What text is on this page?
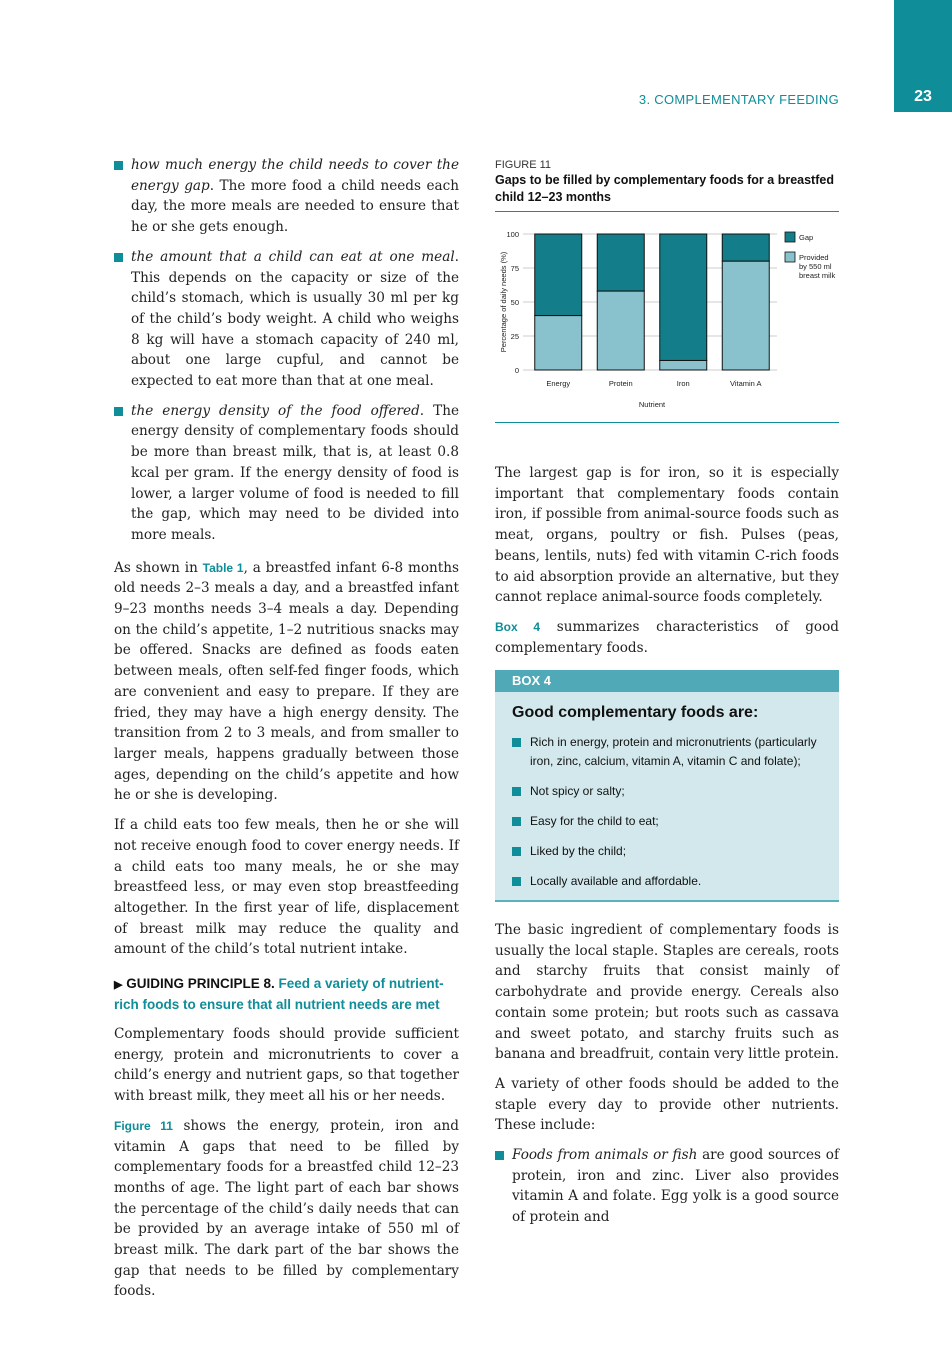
3. COMPLEMENTARY FEEDING	23
how much energy the child needs to cover the energy gap. The more food a child needs each day, the more meals are needed to ensure that he or she gets enough.
the amount that a child can eat at one meal. This depends on the capacity or size of the child’s stomach, which is usually 30 ml per kg of the child’s body weight. A child who weighs 8 kg will have a stomach capacity of 240 ml, about one large cupful, and cannot be expected to eat more than that at one meal.
the energy density of the food offered. The energy density of complementary foods should be more than breast milk, that is, at least 0.8 kcal per gram. If the energy density of food is lower, a larger volume of food is needed to fill the gap, which may need to be divided into more meals.

As shown in Table 1, a breastfed infant 6-8 months old needs 2–3 meals a day, and a breastfed infant 9–23 months needs 3–4 meals a day. Depending on the child’s appetite, 1–2 nutritious snacks may be offered. Snacks are defined as foods eaten between meals, often self-fed finger foods, which are convenient and easy to prepare. If they are fried, they may have a high energy density. The transition from 2 to 3 meals, and from smaller to larger meals, happens gradually between those ages, depending on the child’s appetite and how he or she is developing.

If a child eats too few meals, then he or she will not receive enough food to cover energy needs. If a child eats too many meals, he or she may breastfeed less, or may even stop breastfeeding altogether. In the first year of life, displacement of breast milk may reduce the quality and amount of the child’s total nutrient intake.

▶ GUIDING PRINCIPLE 8. Feed a variety of nutrient-rich foods to ensure that all nutrient needs are met

Complementary foods should provide sufficient energy, protein and micronutrients to cover a child’s energy and nutrient gaps, so that together with breast milk, they meet all his or her needs.

Figure 11 shows the energy, protein, iron and vitamin A gaps that need to be filled by complementary foods for a breastfed child 12–23 months of age. The light part of each bar shows the percentage of the child’s daily needs that can be provided by an average intake of 550 ml of breast milk. The dark part of the bar shows the gap that needs to be filled by complementary foods.

FIGURE 11
Gaps to be filled by complementary foods for a breastfed child 12–23 months
0
25
50
75
100
Percentage of daily needs (%)
Energy	Protein	Iron	Vitamin A
Nutrient
Gap
Provided
by 550 ml
breast milk

The largest gap is for iron, so it is especially important that complementary foods contain iron, if possible from animal-source foods such as meat, organs, poultry or fish. Pulses (peas, beans, lentils, nuts) fed with vitamin C-rich foods to aid absorption provide an alternative, but they cannot replace animal-source foods completely.

Box 4 summarizes characteristics of good complementary foods.

BOX 4
Good complementary foods are:
Rich in energy, protein and micronutrients (particularly iron, zinc, calcium, vitamin A, vitamin C and folate);
Not spicy or salty;
Easy for the child to eat;
Liked by the child;
Locally available and affordable.

The basic ingredient of complementary foods is usually the local staple. Staples are cereals, roots and starchy fruits that consist mainly of carbohydrate and provide energy. Cereals also contain some protein; but roots such as cassava and sweet potato, and starchy fruits such as banana and breadfruit, contain very little protein.

A variety of other foods should be added to the staple every day to provide other nutrients. These include:

Foods from animals or fish are good sources of protein, iron and zinc. Liver also provides vitamin A and folate. Egg yolk is a good source of protein and
